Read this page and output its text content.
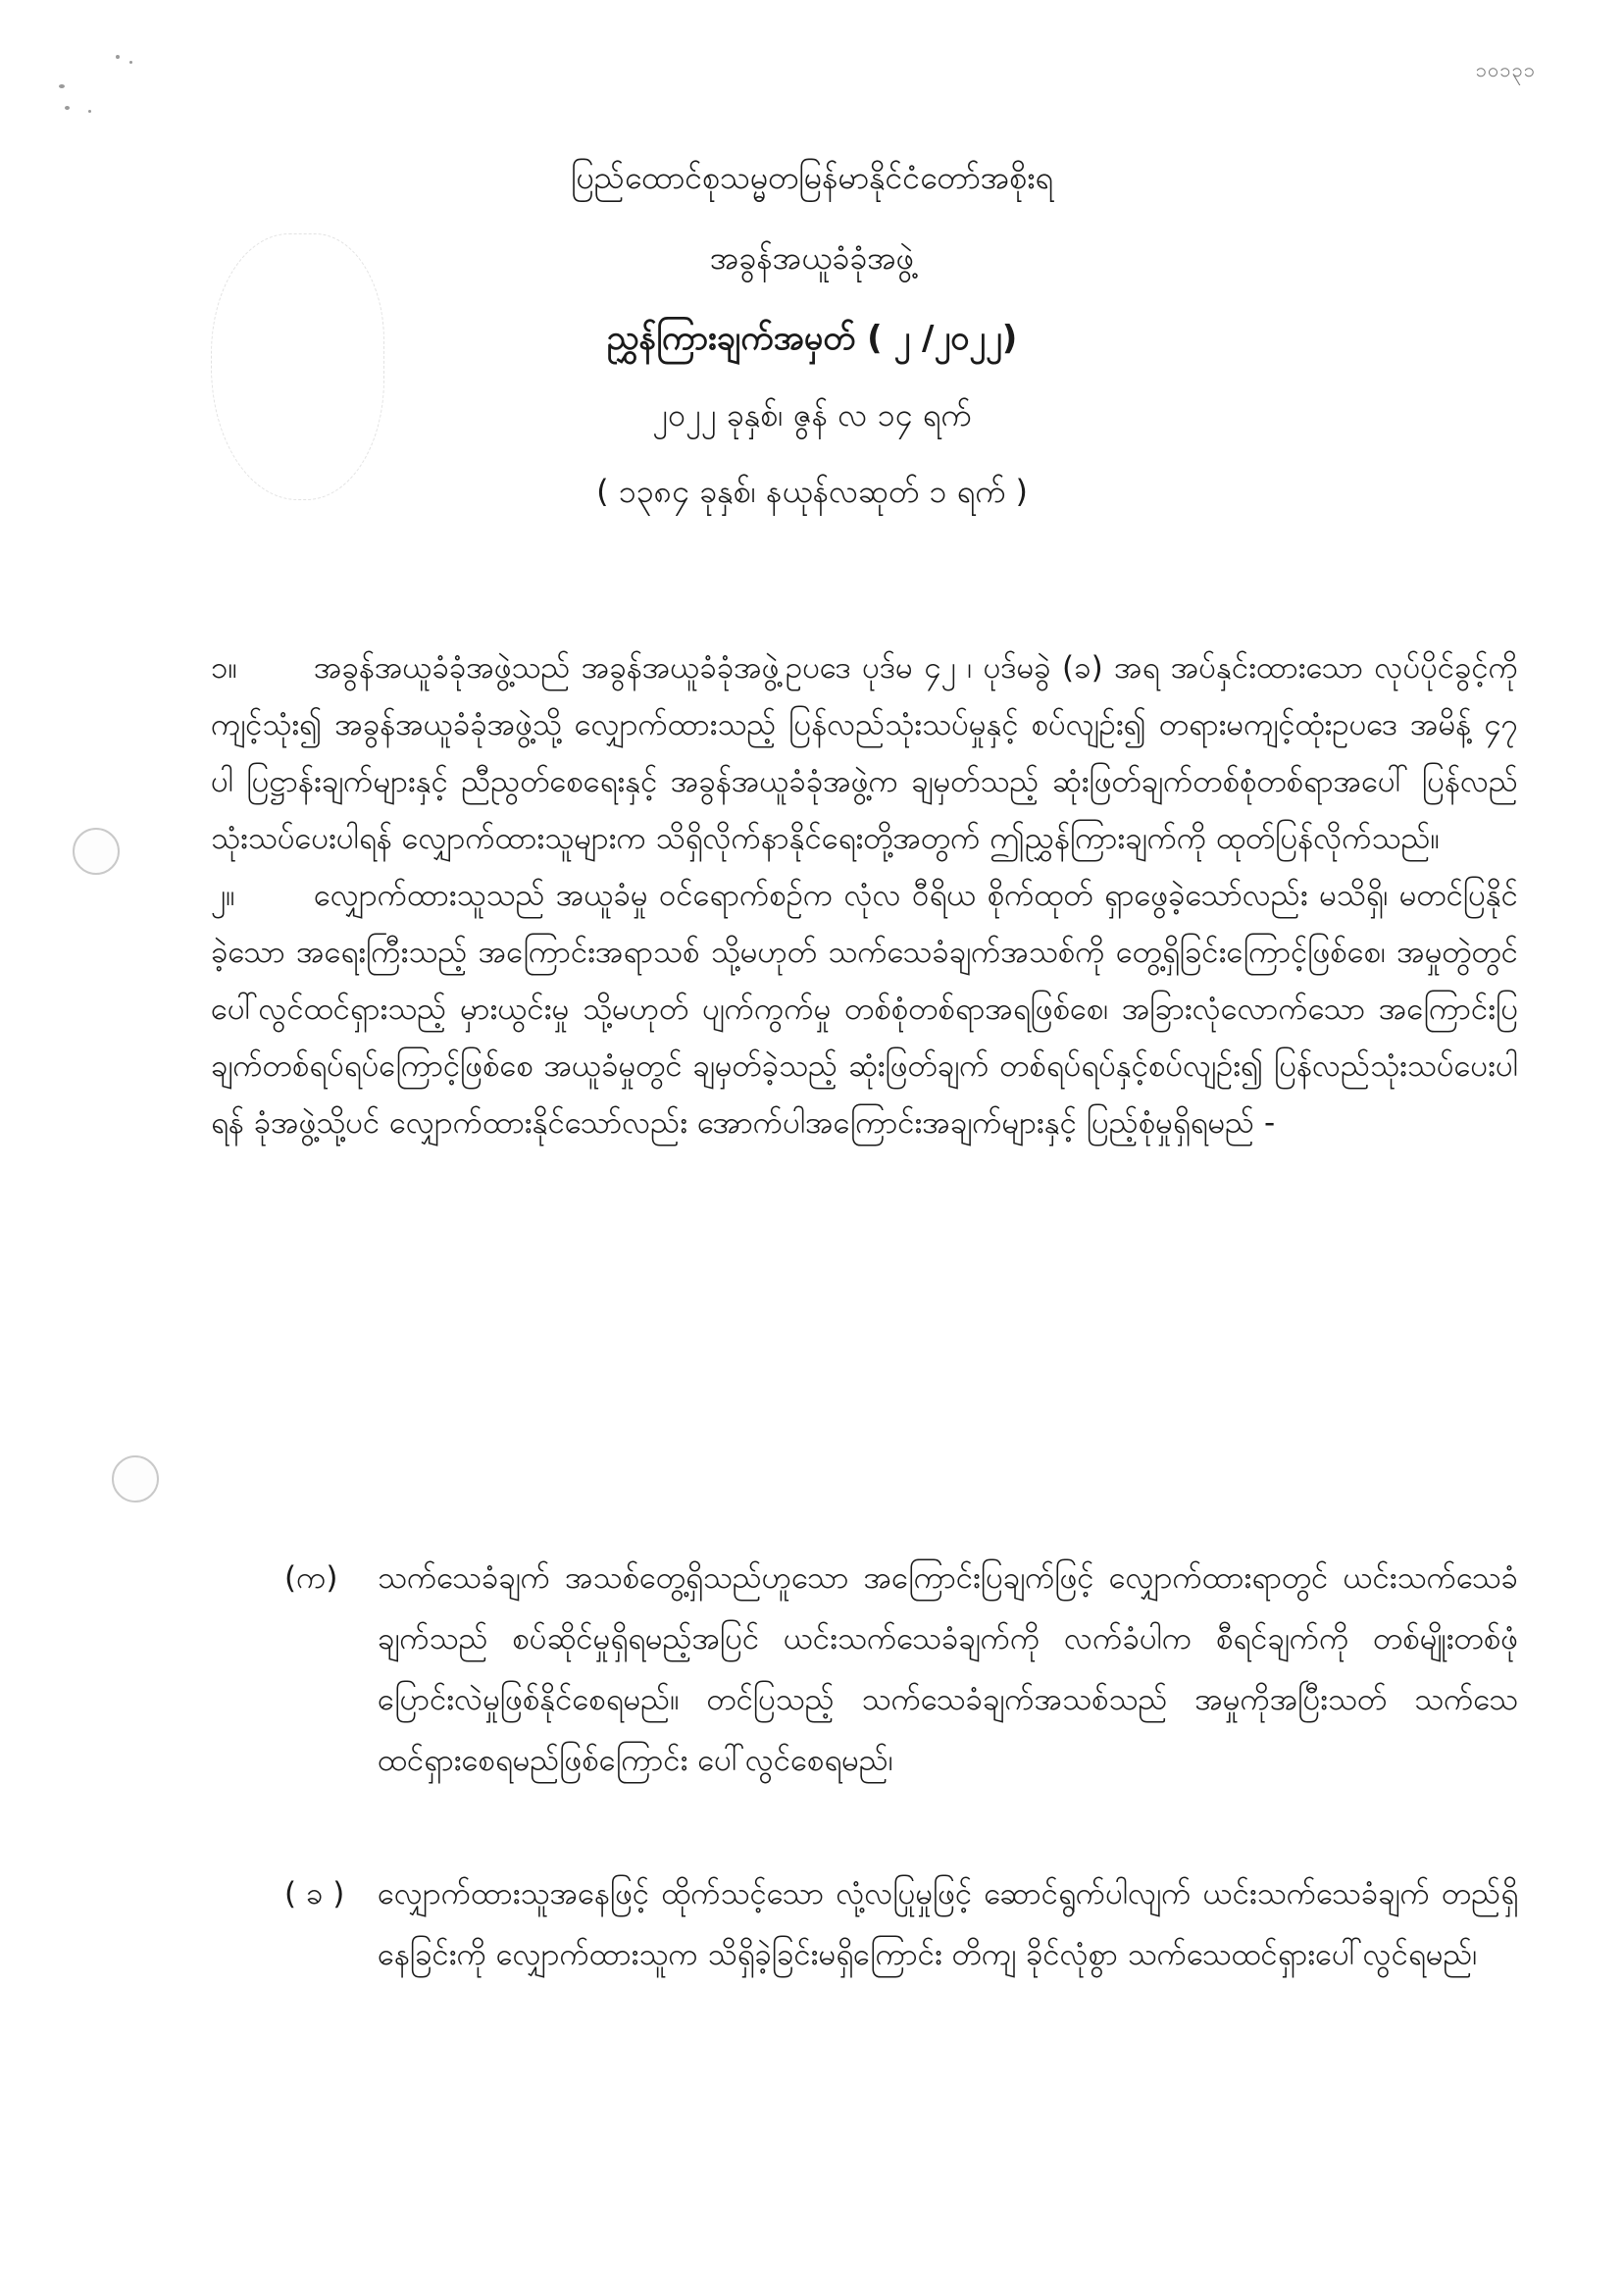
၁၀၁၃၁

ပြည်ထောင်စုသမ္မတမြန်မာနိုင်ငံတော်အစိုးရ

အခွန်အယူခံခုံအဖွဲ့

ညွှန်ကြားချက်အမှတ် ( ၂ /၂၀၂၂)

၂၀၂၂ ခုနှစ်၊ ဇွန် လ ၁၄ ရက်

( ၁၃၈၄ ခုနှစ်၊ နယုန်လဆုတ် ၁ ရက် )

၁။	အခွန်အယူခံခုံအဖွဲ့သည် အခွန်အယူခံခုံအဖွဲ့ဥပဒေ ပုဒ်မ ၄၂ ၊ ပုဒ်မခွဲ (ခ) အရ အပ်နှင်းထားသော လုပ်ပိုင်ခွင့်ကိုကျင့်သုံး၍ အခွန်အယူခံခုံအဖွဲ့သို့ လျှောက်ထားသည့် ပြန်လည်သုံးသပ်မှုနှင့် စပ်လျဉ်း၍ တရားမကျင့်ထုံးဥပဒေ အမိန့် ၄၇ ပါ ပြဋ္ဌာန်းချက်များနှင့် ညီညွတ်စေရေးနှင့် အခွန်အယူခံခုံအဖွဲ့က ချမှတ်သည့် ဆုံးဖြတ်ချက်တစ်စုံတစ်ရာအပေါ် ပြန်လည်သုံးသပ်ပေးပါရန် လျှောက်ထားသူများက သိရှိလိုက်နာနိုင်ရေးတို့အတွက် ဤညွှန်ကြားချက်ကို ထုတ်ပြန်လိုက်သည်။

၂။	လျှောက်ထားသူသည် အယူခံမှု ဝင်ရောက်စဉ်က လုံလ ဝီရိယ စိုက်ထုတ် ရှာဖွေခဲ့သော်လည်း မသိရှိ၊ မတင်ပြနိုင်ခဲ့သော အရေးကြီးသည့် အကြောင်းအရာသစ် သို့မဟုတ် သက်သေခံချက်အသစ်ကို တွေ့ရှိခြင်းကြောင့်ဖြစ်စေ၊ အမှုတွဲတွင် ပေါ်လွင်ထင်ရှားသည့် မှားယွင်းမှု သို့မဟုတ် ပျက်ကွက်မှု တစ်စုံတစ်ရာအရဖြစ်စေ၊ အခြားလုံလောက်သော အကြောင်းပြချက်တစ်ရပ်ရပ်ကြောင့်ဖြစ်စေ အယူခံမှုတွင် ချမှတ်ခဲ့သည့် ဆုံးဖြတ်ချက် တစ်ရပ်ရပ်နှင့်စပ်လျဉ်း၍ ပြန်လည်သုံးသပ်ပေးပါရန် ခုံအဖွဲ့သို့ပင် လျှောက်ထားနိုင်သော်လည်း အောက်ပါအကြောင်းအချက်များနှင့် ပြည့်စုံမှုရှိရမည် -

(က)	သက်သေခံချက် အသစ်တွေ့ရှိသည်ဟူသော အကြောင်းပြချက်ဖြင့် လျှောက်ထားရာတွင် ယင်းသက်သေခံချက်သည် စပ်ဆိုင်မှုရှိရမည့်အပြင် ယင်းသက်သေခံချက်ကို လက်ခံပါက စီရင်ချက်ကို တစ်မျိုးတစ်ဖုံ ပြောင်းလဲမှုဖြစ်နိုင်စေရမည်။ တင်ပြသည့် သက်သေခံချက်အသစ်သည် အမှုကိုအပြီးသတ် သက်သေထင်ရှားစေရမည်ဖြစ်ကြောင်း ပေါ်လွင်စေရမည်၊
( ခ )	လျှောက်ထားသူအနေဖြင့် ထိုက်သင့်သော လုံ့လပြုမှုဖြင့် ဆောင်ရွက်ပါလျက် ယင်းသက်သေခံချက် တည်ရှိနေခြင်းကို လျှောက်ထားသူက သိရှိခဲ့ခြင်းမရှိကြောင်း တိကျ ခိုင်လုံစွာ သက်သေထင်ရှားပေါ်လွင်ရမည်၊
